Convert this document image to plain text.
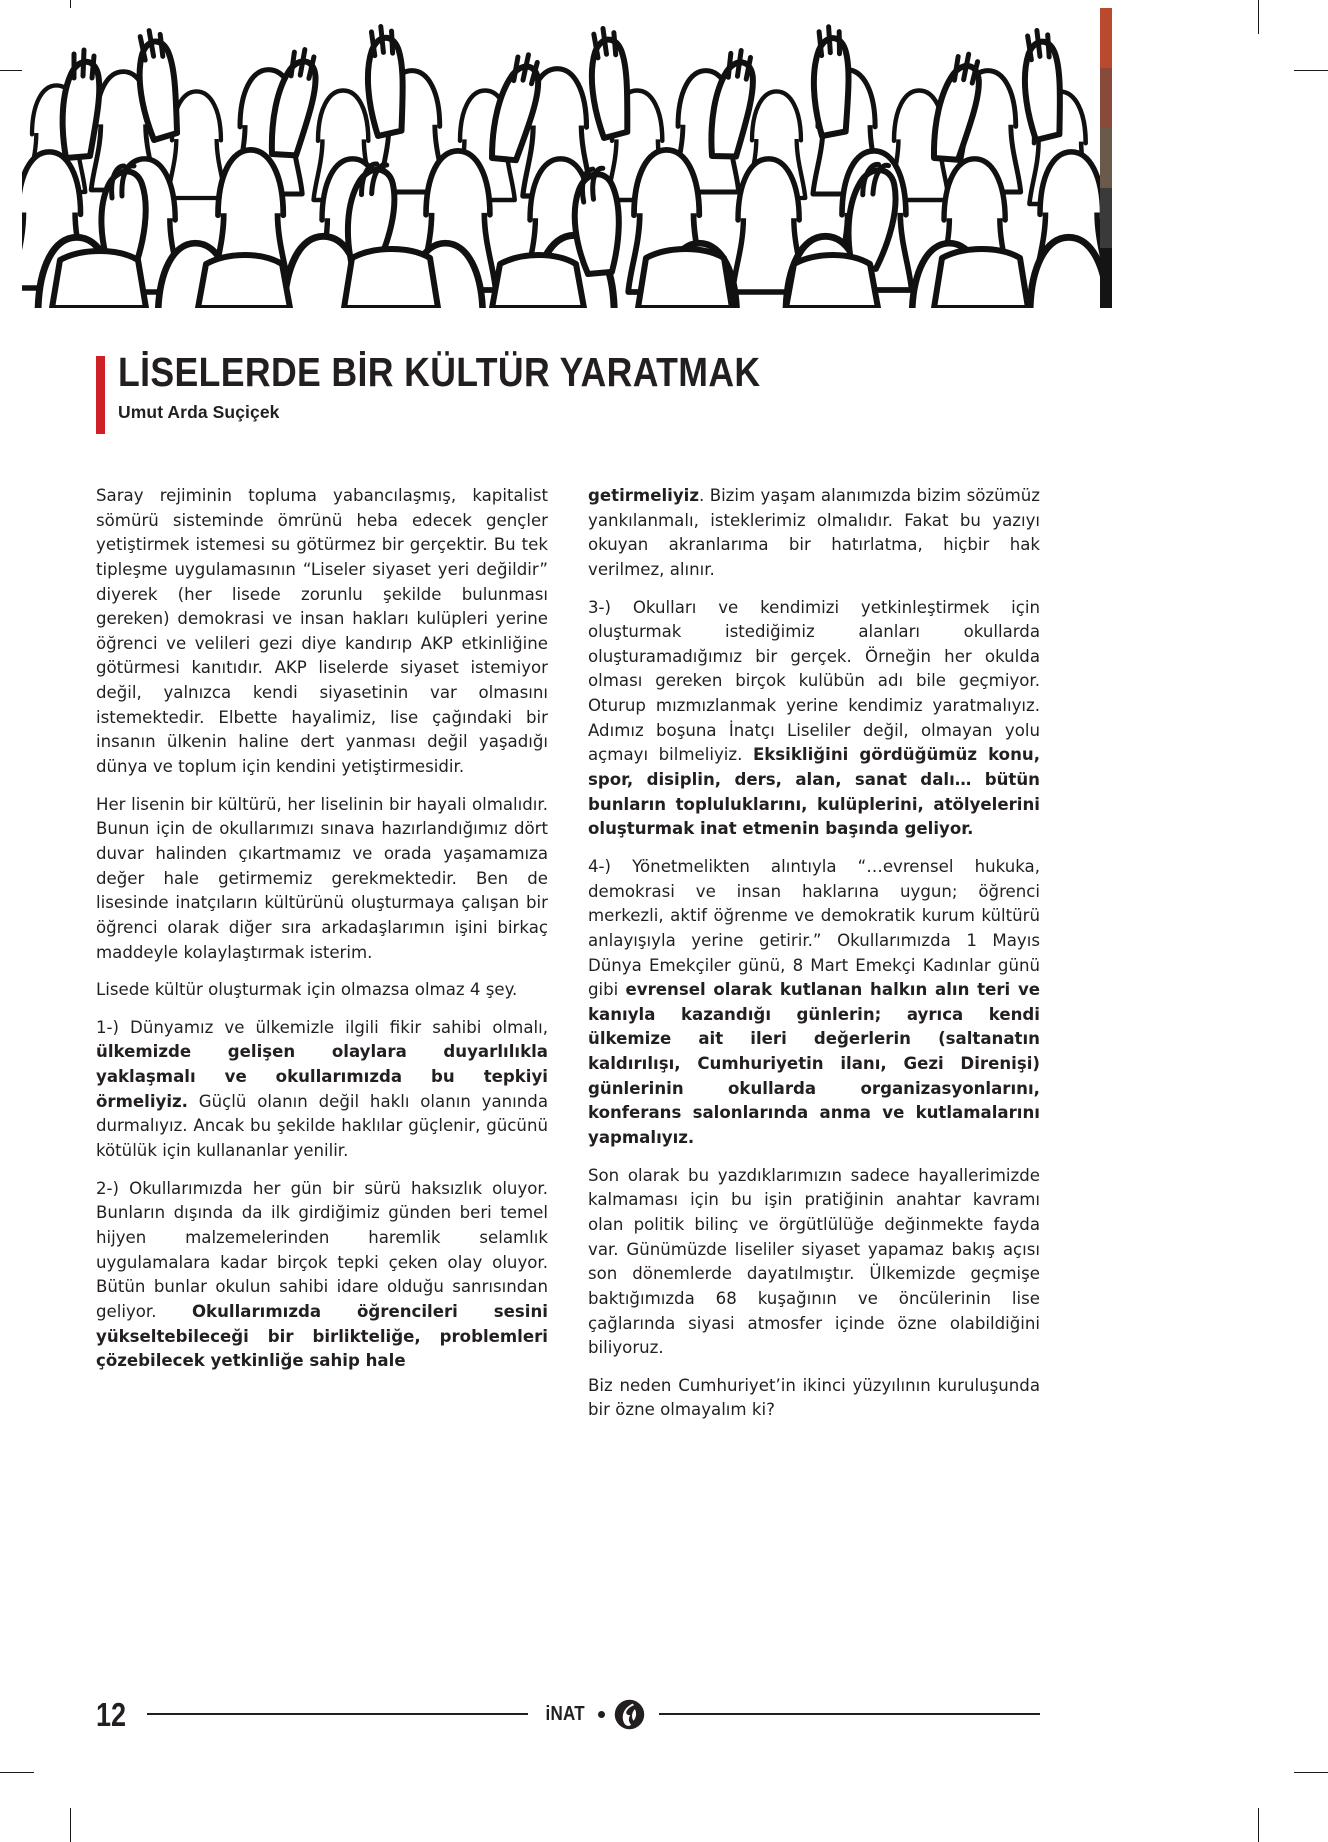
LİSELERDE BİR KÜLTÜR YARATMAK
Umut Arda Suçiçek

Saray rejiminin topluma yabancılaşmış, kapitalist sömürü sisteminde ömrünü heba edecek gençler yetiştirmek istemesi su götürmez bir gerçektir. Bu tek tipleşme uygulamasının “Liseler siyaset yeri değildir” diyerek (her lisede zorunlu şekilde bulunması gereken) demokrasi ve insan hakları kulüpleri yerine öğrenci ve velileri gezi diye kandırıp AKP etkinliğine götürmesi kanıtıdır. AKP liselerde siyaset istemiyor değil, yalnızca kendi siyasetinin var olmasını istemektedir. Elbette hayalimiz, lise çağındaki bir insanın ülkenin haline dert yanması değil yaşadığı dünya ve toplum için kendini yetiştirmesidir.

Her lisenin bir kültürü, her liselinin bir hayali olmalıdır. Bunun için de okullarımızı sınava hazırlandığımız dört duvar halinden çıkartmamız ve orada yaşamamıza değer hale getirmemiz gerekmektedir. Ben de lisesinde inatçıların kültürünü oluşturmaya çalışan bir öğrenci olarak diğer sıra arkadaşlarımın işini birkaç maddeyle kolaylaştırmak isterim.

Lisede kültür oluşturmak için olmazsa olmaz 4 şey.

1-) Dünyamız ve ülkemizle ilgili fikir sahibi olmalı, ülkemizde gelişen olaylara duyarlılıkla yaklaşmalı ve okullarımızda bu tepkiyi örmeliyiz. Güçlü olanın değil haklı olanın yanında durmalıyız. Ancak bu şekilde haklılar güçlenir, gücünü kötülük için kullananlar yenilir.

2-) Okullarımızda her gün bir sürü haksızlık oluyor. Bunların dışında da ilk girdiğimiz günden beri temel hijyen malzemelerinden haremlik selamlık uygulamalara kadar birçok tepki çeken olay oluyor. Bütün bunlar okulun sahibi idare olduğu sanrısından geliyor. Okullarımızda öğrencileri sesini yükseltebileceği bir birlikteliğe, problemleri çözebilecek yetkinliğe sahip hale

getirmeliyiz. Bizim yaşam alanımızda bizim sözümüz yankılanmalı, isteklerimiz olmalıdır. Fakat bu yazıyı okuyan akranlarıma bir hatırlatma, hiçbir hak verilmez, alınır.

3-) Okulları ve kendimizi yetkinleştirmek için oluşturmak istediğimiz alanları okullarda oluşturamadığımız bir gerçek. Örneğin her okulda olması gereken birçok kulübün adı bile geçmiyor. Oturup mızmızlanmak yerine kendimiz yaratmalıyız. Adımız boşuna İnatçı Liseliler değil, olmayan yolu açmayı bilmeliyiz. Eksikliğini gördüğümüz konu, spor, disiplin, ders, alan, sanat dalı… bütün bunların topluluklarını, kulüplerini, atölyelerini oluşturmak inat etmenin başında geliyor.

4-) Yönetmelikten alıntıyla “…evrensel hukuka, demokrasi ve insan haklarına uygun; öğrenci merkezli, aktif öğrenme ve demokratik kurum kültürü anlayışıyla yerine getirir.” Okullarımızda 1 Mayıs Dünya Emekçiler günü, 8 Mart Emekçi Kadınlar günü gibi evrensel olarak kutlanan halkın alın teri ve kanıyla kazandığı günlerin; ayrıca kendi ülkemize ait ileri değerlerin (saltanatın kaldırılışı, Cumhuriyetin ilanı, Gezi Direnişi) günlerinin okullarda organizasyonlarını, konferans salonlarında anma ve kutlamalarını yapmalıyız.

Son olarak bu yazdıklarımızın sadece hayallerimizde kalmaması için bu işin pratiğinin anahtar kavramı olan politik bilinç ve örgütlülüğe değinmekte fayda var. Günümüzde liseliler siyaset yapamaz bakış açısı son dönemlerde dayatılmıştır. Ülkemizde geçmişe baktığımızda 68 kuşağının ve öncülerinin lise çağlarında siyasi atmosfer içinde özne olabildiğini biliyoruz.

Biz neden Cumhuriyet’in ikinci yüzyılının kuruluşunda bir özne olmayalım ki?

12	iNAT
